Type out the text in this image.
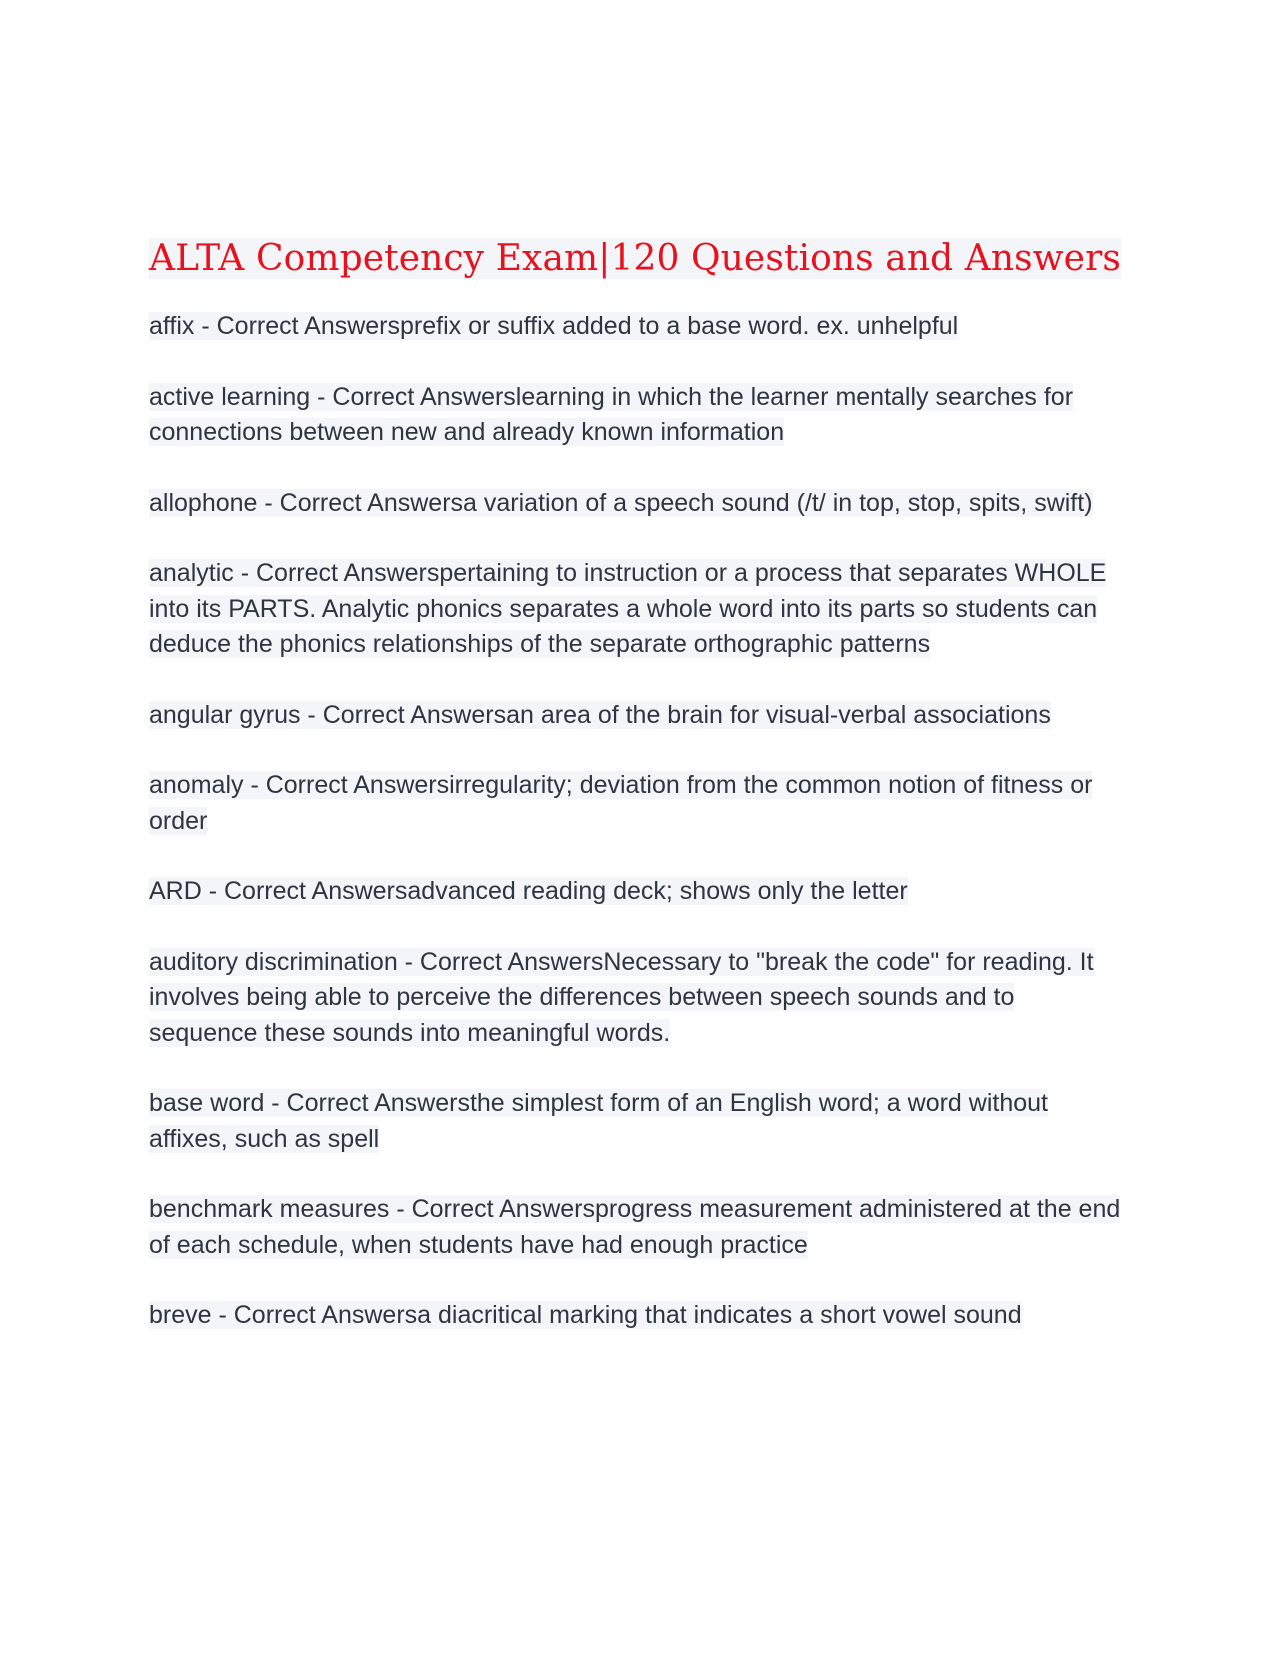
ALTA Competency Exam|120 Questions and Answers

affix - Correct Answersprefix or suffix added to a base word. ex. unhelpful

active learning - Correct Answerslearning in which the learner mentally searches for connections between new and already known information

allophone - Correct Answersa variation of a speech sound (/t/ in top, stop, spits, swift)

analytic - Correct Answerspertaining to instruction or a process that separates WHOLE into its PARTS. Analytic phonics separates a whole word into its parts so students can deduce the phonics relationships of the separate orthographic patterns

angular gyrus - Correct Answersan area of the brain for visual-verbal associations

anomaly - Correct Answersirregularity; deviation from the common notion of fitness or order

ARD - Correct Answersadvanced reading deck; shows only the letter

auditory discrimination - Correct AnswersNecessary to "break the code" for reading. It involves being able to perceive the differences between speech sounds and to sequence these sounds into meaningful words.

base word - Correct Answersthe simplest form of an English word; a word without affixes, such as spell

benchmark measures - Correct Answersprogress measurement administered at the end of each schedule, when students have had enough practice

breve - Correct Answersa diacritical marking that indicates a short vowel sound
